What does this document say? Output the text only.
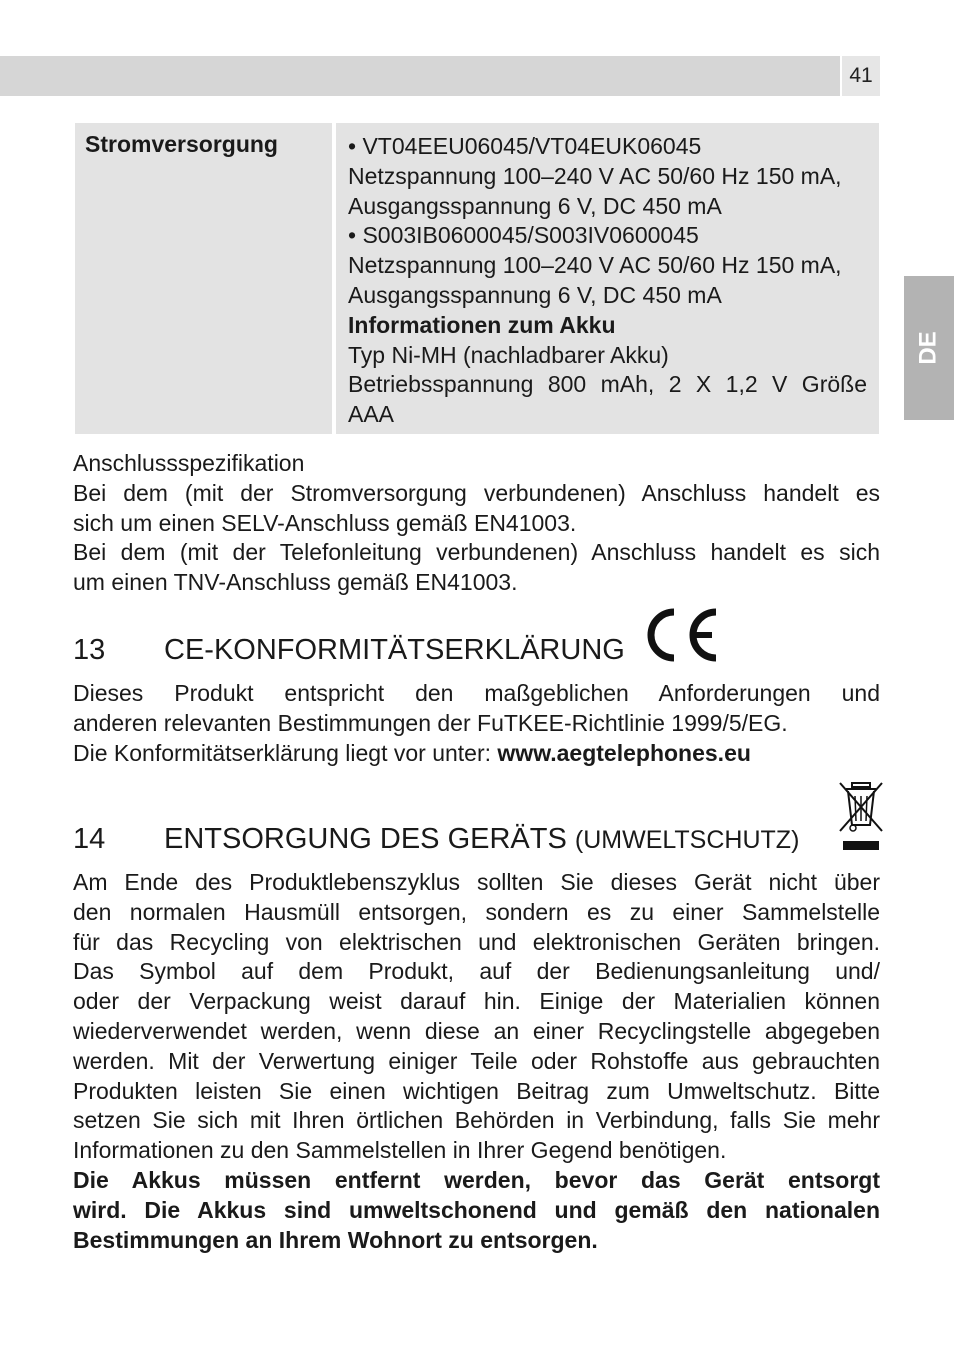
41
DE
Stromversorgung	• VT04EEU06045/VT04EUK06045
Netzspannung 100–240 V AC 50/60 Hz 150 mA,
Ausgangsspannung 6 V, DC 450 mA
• S003IB0600045/S003IV0600045
Netzspannung 100–240 V AC 50/60 Hz 150 mA,
Ausgangsspannung 6 V, DC 450 mA
Informationen zum Akku
Typ Ni-MH (nachladbarer Akku)
Betriebsspannung 800 mAh, 2 X 1,2 V Größe
AAA
Anschlussspezifikation
Bei dem (mit der Stromversorgung verbundenen) Anschluss handelt es
sich um einen SELV-Anschluss gemäß EN41003.
Bei dem (mit der Telefonleitung verbundenen) Anschluss handelt es sich
um einen TNV-Anschluss gemäß EN41003.
13 CE-KONFORMITÄTSERKLÄRUNG
Dieses Produkt entspricht den maßgeblichen Anforderungen und
anderen relevanten Bestimmungen der FuTKEE-Richtlinie 1999/5/EG.
Die Konformitätserklärung liegt vor unter: www.aegtelephones.eu
14 ENTSORGUNG DES GERÄTS (UMWELTSCHUTZ)
Am Ende des Produktlebenszyklus sollten Sie dieses Gerät nicht über
den normalen Hausmüll entsorgen, sondern es zu einer Sammelstelle
für das Recycling von elektrischen und elektronischen Geräten bringen.
Das Symbol auf dem Produkt, auf der Bedienungsanleitung und/
oder der Verpackung weist darauf hin. Einige der Materialien können
wiederverwendet werden, wenn diese an einer Recyclingstelle abgegeben
werden. Mit der Verwertung einiger Teile oder Rohstoffe aus gebrauchten
Produkten leisten Sie einen wichtigen Beitrag zum Umweltschutz. Bitte
setzen Sie sich mit Ihren örtlichen Behörden in Verbindung, falls Sie mehr
Informationen zu den Sammelstellen in Ihrer Gegend benötigen.
Die Akkus müssen entfernt werden, bevor das Gerät entsorgt
wird. Die Akkus sind umweltschonend und gemäß den nationalen
Bestimmungen an Ihrem Wohnort zu entsorgen.
